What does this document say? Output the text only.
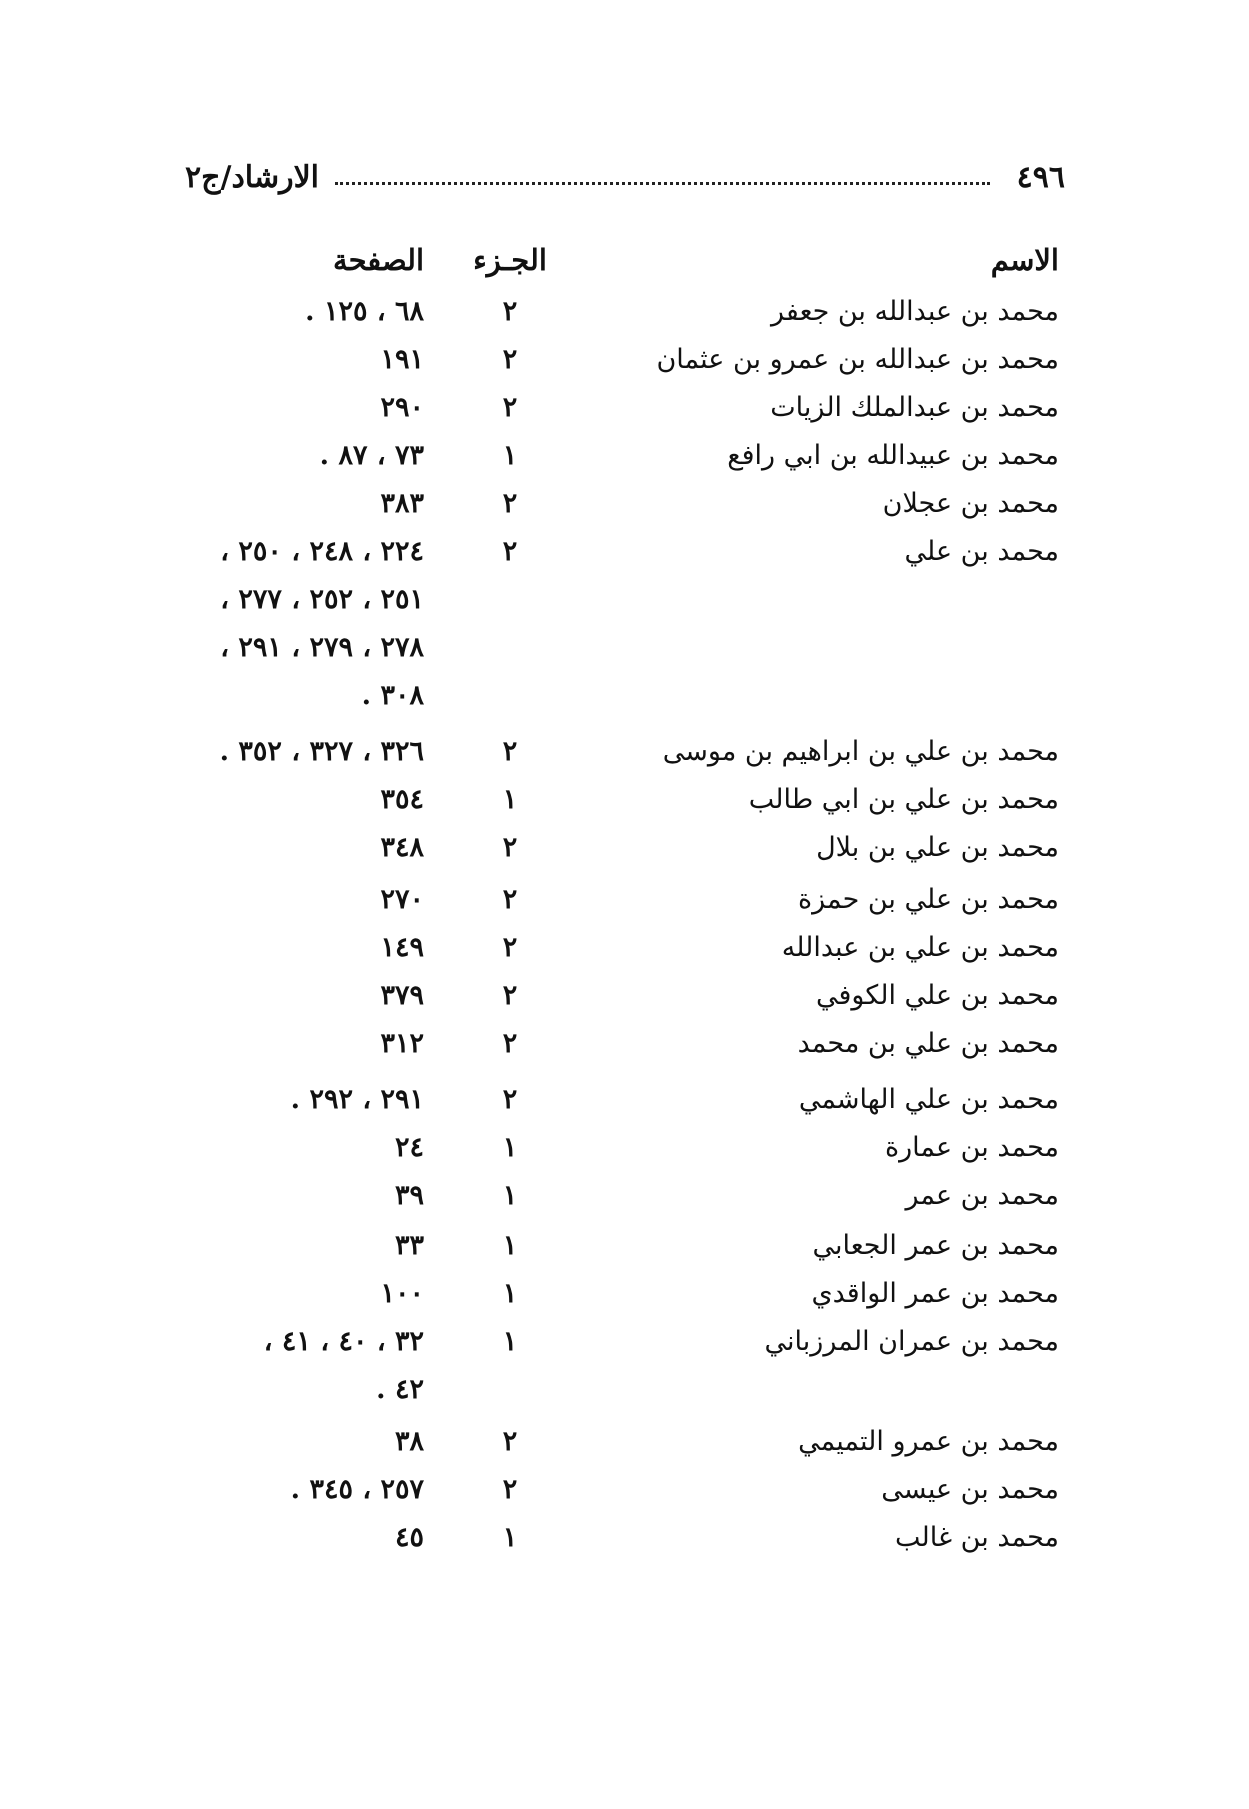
٤٩٦
الارشاد/ج٢
الاسم
الجـزء
الصفحة
محمد بن عبدالله بن جعفر
٢
٦٨ ، ١٢٥ .
محمد بن عبدالله بن عمرو بن عثمان
٢
١٩١
محمد بن عبدالملك الزيات
٢
٢٩٠
محمد بن عبيدالله بن ابي رافع
١
٧٣ ، ٨٧ .
محمد بن عجلان
٢
٣٨٣
محمد بن علي
٢
٢٢٤ ، ٢٤٨ ، ٢٥٠ ،
٢٥١ ، ٢٥٢ ، ٢٧٧ ،
٢٧٨ ، ٢٧٩ ، ٢٩١ ،
٣٠٨ .
محمد بن علي بن ابراهيم بن موسى
٢
٣٢٦ ، ٣٢٧ ، ٣٥٢ .
محمد بن علي بن ابي طالب
١
٣٥٤
محمد بن علي بن بلال
٢
٣٤٨
محمد بن علي بن حمزة
٢
٢٧٠
محمد بن علي بن عبدالله
٢
١٤٩
محمد بن علي الكوفي
٢
٣٧٩
محمد بن علي بن محمد
٢
٣١٢
محمد بن علي الهاشمي
٢
٢٩١ ، ٢٩٢ .
محمد بن عمارة
١
٢٤
محمد بن عمر
١
٣٩
محمد بن عمر الجعابي
١
٣٣
محمد بن عمر الواقدي
١
١٠٠
محمد بن عمران المرزباني
١
٣٢ ، ٤٠ ، ٤١ ،
٤٢ .
محمد بن عمرو التميمي
٢
٣٨
محمد بن عيسى
٢
٢٥٧ ، ٣٤٥ .
محمد بن غالب
١
٤٥
